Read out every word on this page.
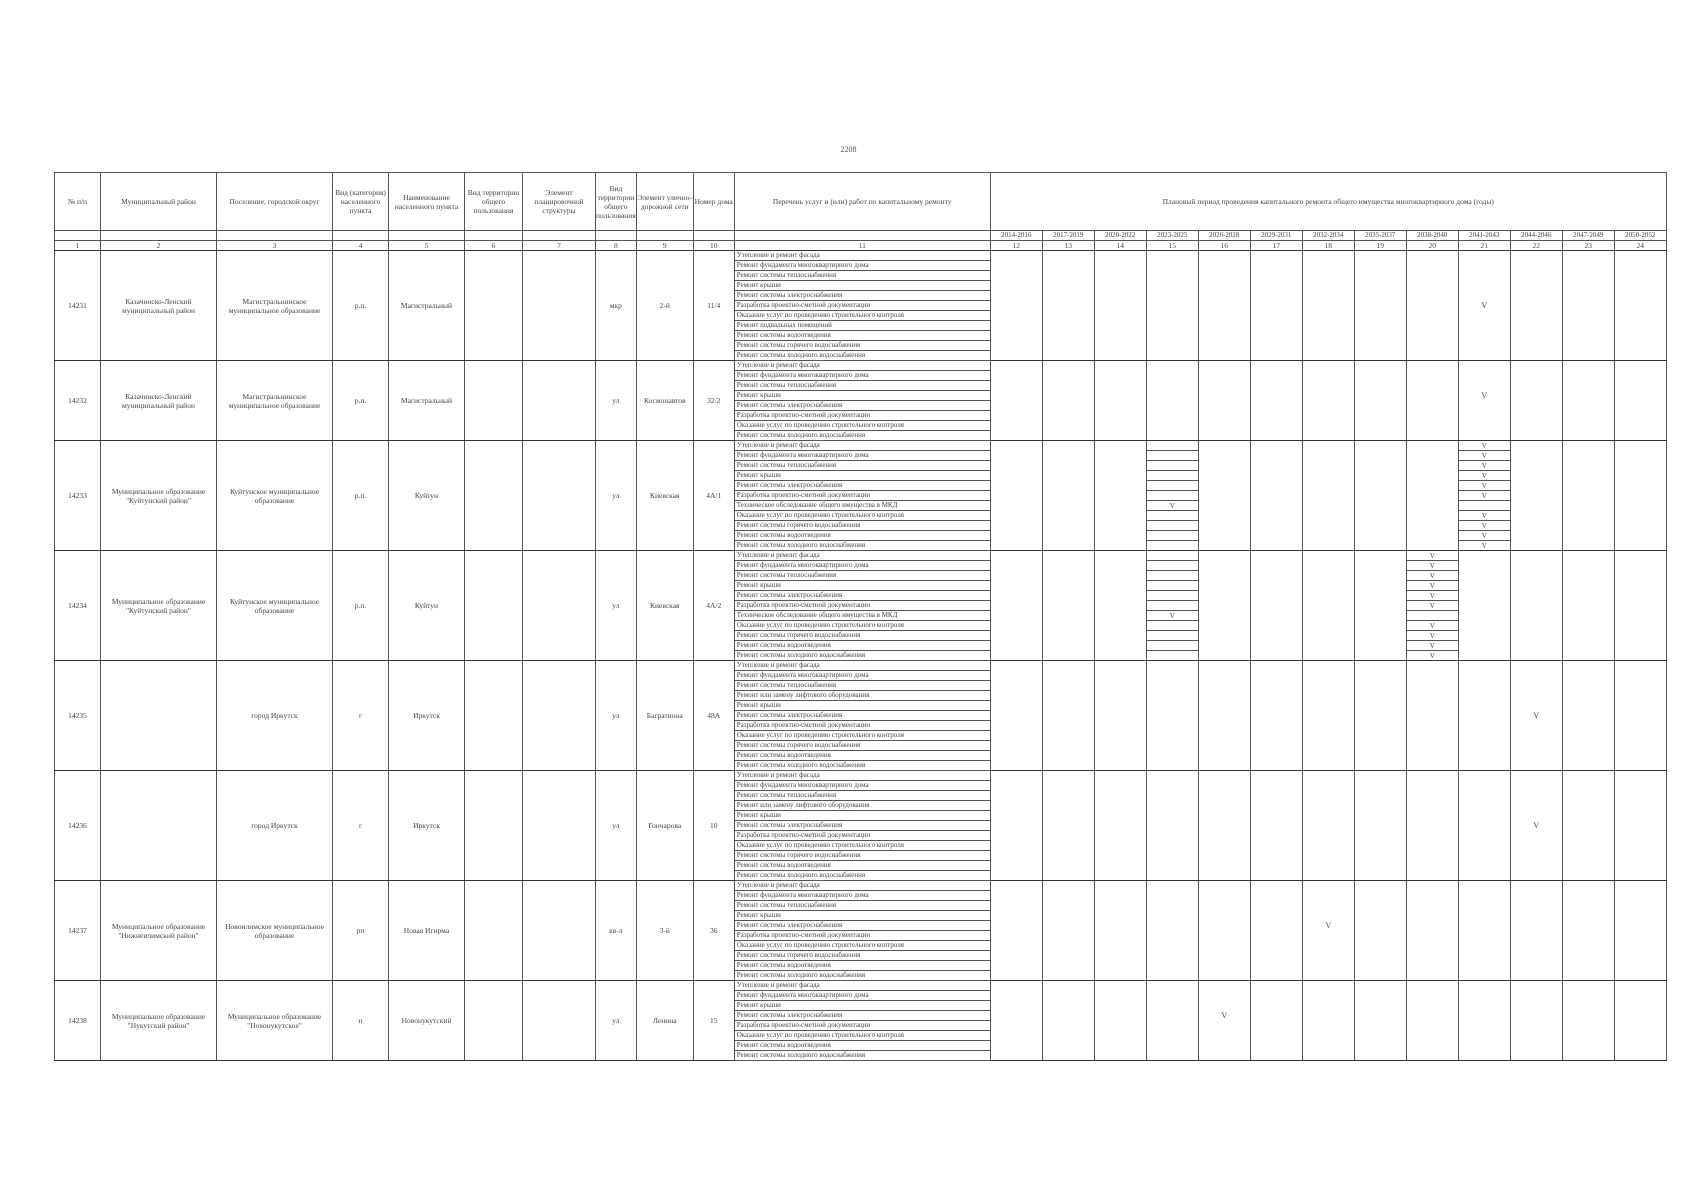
2208
№ п/п	Муниципальный район	Поселение, городской округ	Вид (категория) населенного пункта	Наименование населенного пункта	Вид территории общего пользования	Элемент планировочной структуры	Вид территории общего пользования	Элемент улично-дорожной сети	Номер дома	Перечень услуг и (или) работ по капитальному ремонту	Плановый период проведения капитального ремонта общего имущества многоквартирного дома (годы)												
											2014-2016	2017-2019	2020-2022	2023-2025	2026-2028	2029-2031	2032-2034	2035-2037	2038-2040	2041-2043	2044-2046	2047-2049	2050-2052
1	2	3	4	5	6	7	8	9	10	11	12	13	14	15	16	17	18	19	20	21	22	23	24
14231	Казачинско-Ленский муниципальный район	Магистральнинское муниципальное образование	р.п.	Магистральный			мкр	2-й	11/4	Утепление и ремонт фасада													
										Ремонт фундамента многоквартирного дома													
										Ремонт системы теплоснабжения													
										Ремонт крыши													
										Ремонт системы электроснабжения													
										Разработка проектно-сметной документации										V			
										Оказание услуг по проведению строительного контроля													
										Ремонт подвальных помещений													
										Ремонт системы водоотведения													
										Ремонт системы горячего водоснабжения													
										Ремонт системы холодного водоснабжения													
14232	Казачинско-Ленский муниципальный район	Магистральнинское муниципальное образование	р.п.	Магистральный			ул	Космонавтов	32/2	Утепление и ремонт фасада													
										Ремонт фундамента многоквартирного дома													
										Ремонт системы теплоснабжения													
										Ремонт крыши										V			
										Ремонт системы электроснабжения													
										Разработка проектно-сметной документации													
										Оказание услуг по проведению строительного контроля													
										Ремонт системы холодного водоснабжения													
14233	Муниципальное образование "Куйтунский район"	Куйтунское муниципальное образование	р.п.	Куйтун			ул	Киевская	4А/1	Утепление и ремонт фасада										V			
										Ремонт фундамента многоквартирного дома										V			
										Ремонт системы теплоснабжения										V			
										Ремонт крыши										V			
										Ремонт системы электроснабжения										V			
										Разработка проектно-сметной документации										V			
										Техническое обследование общего имущества в МКД				V									
										Оказание услуг по проведению строительного контроля										V			
										Ремонт системы горячего водоснабжения										V			
										Ремонт системы водоотведения										V			
										Ремонт системы холодного водоснабжения										V			
14234	Муниципальное образование "Куйтунский район"	Куйтунское муниципальное образование	р.п.	Куйтун			ул	Киевская	4А/2	Утепление и ремонт фасада									V				
										Ремонт фундамента многоквартирного дома									V				
										Ремонт системы теплоснабжения									V				
										Ремонт крыши									V				
										Ремонт системы электроснабжения									V				
										Разработка проектно-сметной документации									V				
										Техническое обследование общего имущества в МКД				V									
										Оказание услуг по проведению строительного контроля									V				
										Ремонт системы горячего водоснабжения									V				
										Ремонт системы водоотведения									V				
										Ремонт системы холодного водоснабжения									V				
14235		город Иркутск	г	Иркутск			ул	Багратиона	48А	Утепление и ремонт фасада													
										Ремонт фундамента многоквартирного дома													
										Ремонт системы теплоснабжения													
										Ремонт или замену лифтового оборудования													
										Ремонт крыши													
										Ремонт системы электроснабжения											V		
										Разработка проектно-сметной документации													
										Оказание услуг по проведению строительного контроля													
										Ремонт системы горячего водоснабжения													
										Ремонт системы водоотведения													
										Ремонт системы холодного водоснабжения													
14236		город Иркутск	г	Иркутск			ул	Гончарова	10	Утепление и ремонт фасада													
										Ремонт фундамента многоквартирного дома													
										Ремонт системы теплоснабжения													
										Ремонт или замену лифтового оборудования													
										Ремонт крыши													
										Ремонт системы электроснабжения											V		
										Разработка проектно-сметной документации													
										Оказание услуг по проведению строительного контроля													
										Ремонт системы горячего водоснабжения													
										Ремонт системы водоотведения													
										Ремонт системы холодного водоснабжения													
14237	Муниципальное образование "Нижнеилимский район"	Новоилимское муниципальное образование	рп	Новая Игирма			кв-л	3-й	36	Утепление и ремонт фасада													
										Ремонт фундамента многоквартирного дома													
										Ремонт системы теплоснабжения													
										Ремонт крыши													
										Ремонт системы электроснабжения							V						
										Разработка проектно-сметной документации													
										Оказание услуг по проведению строительного контроля													
										Ремонт системы горячего водоснабжения													
										Ремонт системы водоотведения													
										Ремонт системы холодного водоснабжения													
14238	Муниципальное образование "Нукутский район"	Муниципальное образование "Новонукутское"	п	Новонукутский			ул	Ленина	15	Утепление и ремонт фасада													
										Ремонт фундамента многоквартирного дома													
										Ремонт крыши													
										Ремонт системы электроснабжения					V								
										Разработка проектно-сметной документации													
										Оказание услуг по проведению строительного контроля													
										Ремонт системы водоотведения													
										Ремонт системы холодного водоснабжения													
